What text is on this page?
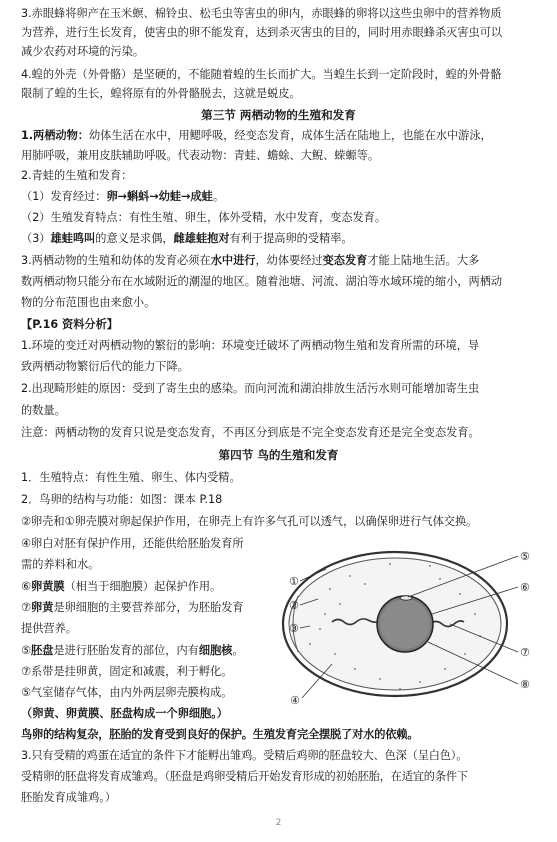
3.赤眼蜂将卵产在玉米螟、棉铃虫、松毛虫等害虫的卵内，赤眼蜂的卵将以这些虫卵中的营养物质
为营养，进行生长发育，使害虫的卵不能发育，达到杀灭害虫的目的，同时用赤眼蜂杀灭害虫可以
减少农药对环境的污染。
4.蝗的外壳（外骨骼）是坚硬的，不能随着蝗的生长而扩大。当蝗生长到一定阶段时，蝗的外骨骼
限制了蝗的生长，蝗将原有的外骨骼脱去，这就是蜕皮。
第三节 两栖动物的生殖和发育
1.两栖动物：幼体生活在水中，用鳃呼吸，经变态发育，成体生活在陆地上，也能在水中游泳，
用肺呼吸，兼用皮肤辅助呼吸。代表动物：青蛙、蟾蜍、大鲵、蝾螈等。
2.青蛙的生殖和发育：
（1）发育经过：卵→蝌蚪→幼蛙→成蛙。
（2）生殖发育特点：有性生殖、卵生，体外受精，水中发育，变态发育。
（3）雄蛙鸣叫的意义是求偶，雌雄蛙抱对有利于提高卵的受精率。
3.两栖动物的生殖和幼体的发育必须在水中进行，幼体要经过变态发育才能上陆地生活。大多
数两栖动物只能分布在水域附近的潮湿的地区。随着池塘、河流、湖泊等水域环境的缩小，两栖动
物的分布范围也由来愈小。
【P.16 资料分析】
1.环境的变迁对两栖动物的繁衍的影响：环境变迁破坏了两栖动物生殖和发育所需的环境，导
致两栖动物繁衍后代的能力下降。
2.出现畸形蛙的原因：受到了寄生虫的感染。而向河流和湖泊排放生活污水则可能增加寄生虫
的数量。
注意：两栖动物的发育只说是变态发育，不再区分到底是不完全变态发育还是完全变态发育。
第四节 鸟的生殖和发育
1．生殖特点：有性生殖、卵生、体内受精。
2．鸟卵的结构与功能：如图：课本 P.18
②卵壳和①卵壳膜对卵起保护作用，在卵壳上有许多气孔可以透气，以确保卵进行气体交换。
④卵白对胚有保护作用，还能供给胚胎发育所
需的养料和水。
⑥卵黄膜（相当于细胞膜）起保护作用。
⑦卵黄是卵细胞的主要营养部分，为胚胎发育
提供营养。
⑤胚盘是进行胚胎发育的部位，内有细胞核。
⑦系带是挂卵黄，固定和减震，利于孵化。
⑤气室储存气体，由内外两层卵壳膜构成。
（卵黄、卵黄膜、胚盘构成一个卵细胞。）
鸟卵的结构复杂，胚胎的发育受到良好的保护。生殖发育完全摆脱了对水的依赖。
3.只有受精的鸡蛋在适宜的条件下才能孵出雏鸡。受精后鸡卵的胚盘较大、色深（呈白色）。
受精卵的胚盘将发育成雏鸡。（胚盘是鸡卵受精后开始发育形成的初始胚胎，在适宜的条件下
胚胎发育成雏鸡。）
①
②
③
④
⑤
⑥
⑦
⑧
2
